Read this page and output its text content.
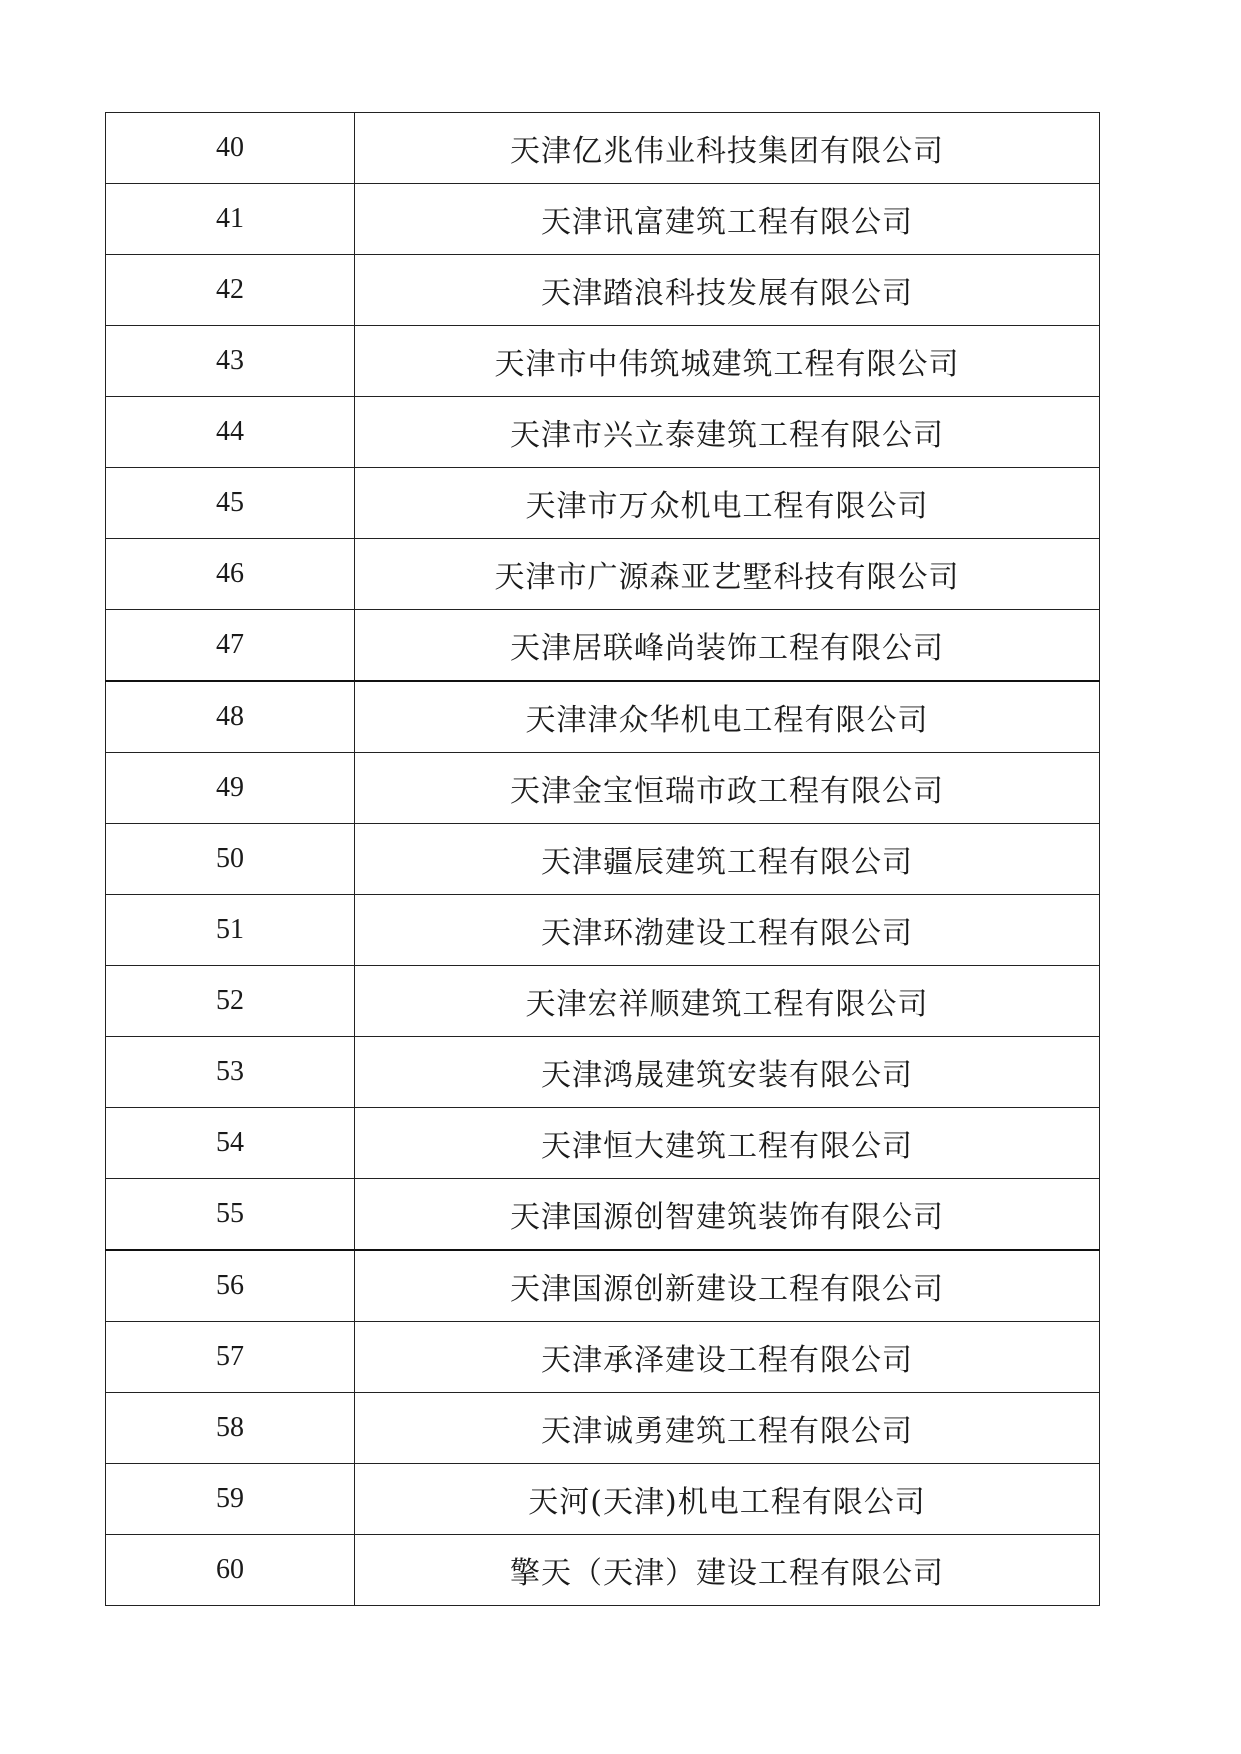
40	天津亿兆伟业科技集团有限公司
41	天津讯富建筑工程有限公司
42	天津踏浪科技发展有限公司
43	天津市中伟筑城建筑工程有限公司
44	天津市兴立泰建筑工程有限公司
45	天津市万众机电工程有限公司
46	天津市广源森亚艺墅科技有限公司
47	天津居联峰尚装饰工程有限公司
48	天津津众华机电工程有限公司
49	天津金宝恒瑞市政工程有限公司
50	天津疆辰建筑工程有限公司
51	天津环渤建设工程有限公司
52	天津宏祥顺建筑工程有限公司
53	天津鸿晟建筑安装有限公司
54	天津恒大建筑工程有限公司
55	天津国源创智建筑装饰有限公司
56	天津国源创新建设工程有限公司
57	天津承泽建设工程有限公司
58	天津诚勇建筑工程有限公司
59	天河(天津)机电工程有限公司
60	擎天（天津）建设工程有限公司
